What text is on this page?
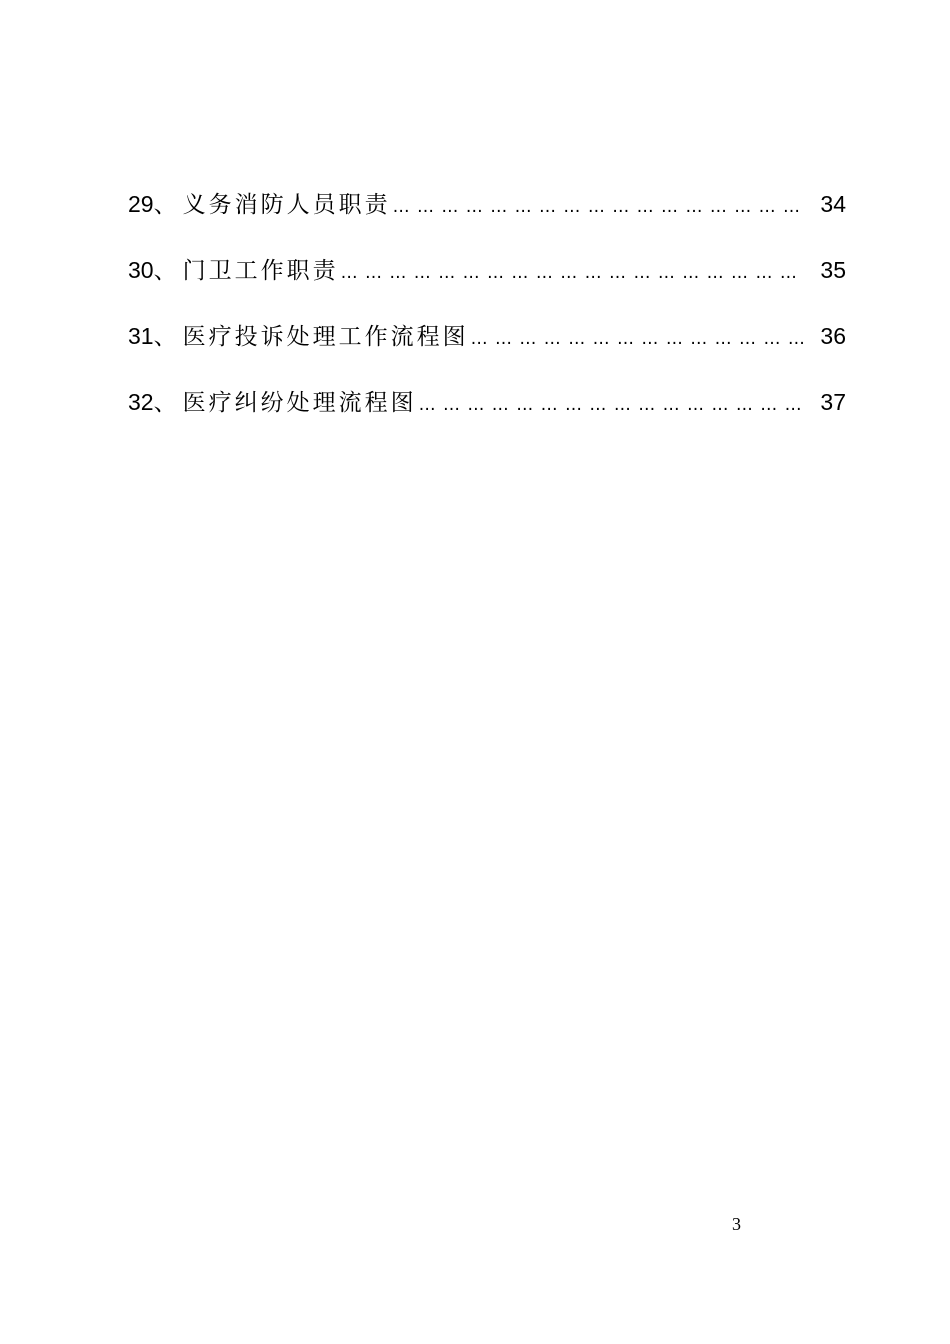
29 、 义务消防人员职责 … … … … … … … … … … … … … … … … … … … … … … … … … … … … … … … … … … … …	34
30 、 门卫工作职责 … … … … … … … … … … … … … … … … … … … … … … … … … … … … … … … … … … … …	35
31 、 医疗投诉处理工作流程图 … … … … … … … … … … … … … … … … … … … … … … … … … … … … … … … … … … … …	36
32 、 医疗纠纷处理流程图 … … … … … … … … … … … … … … … … … … … … … … … … … … … … … … … … … … … …	37
3
